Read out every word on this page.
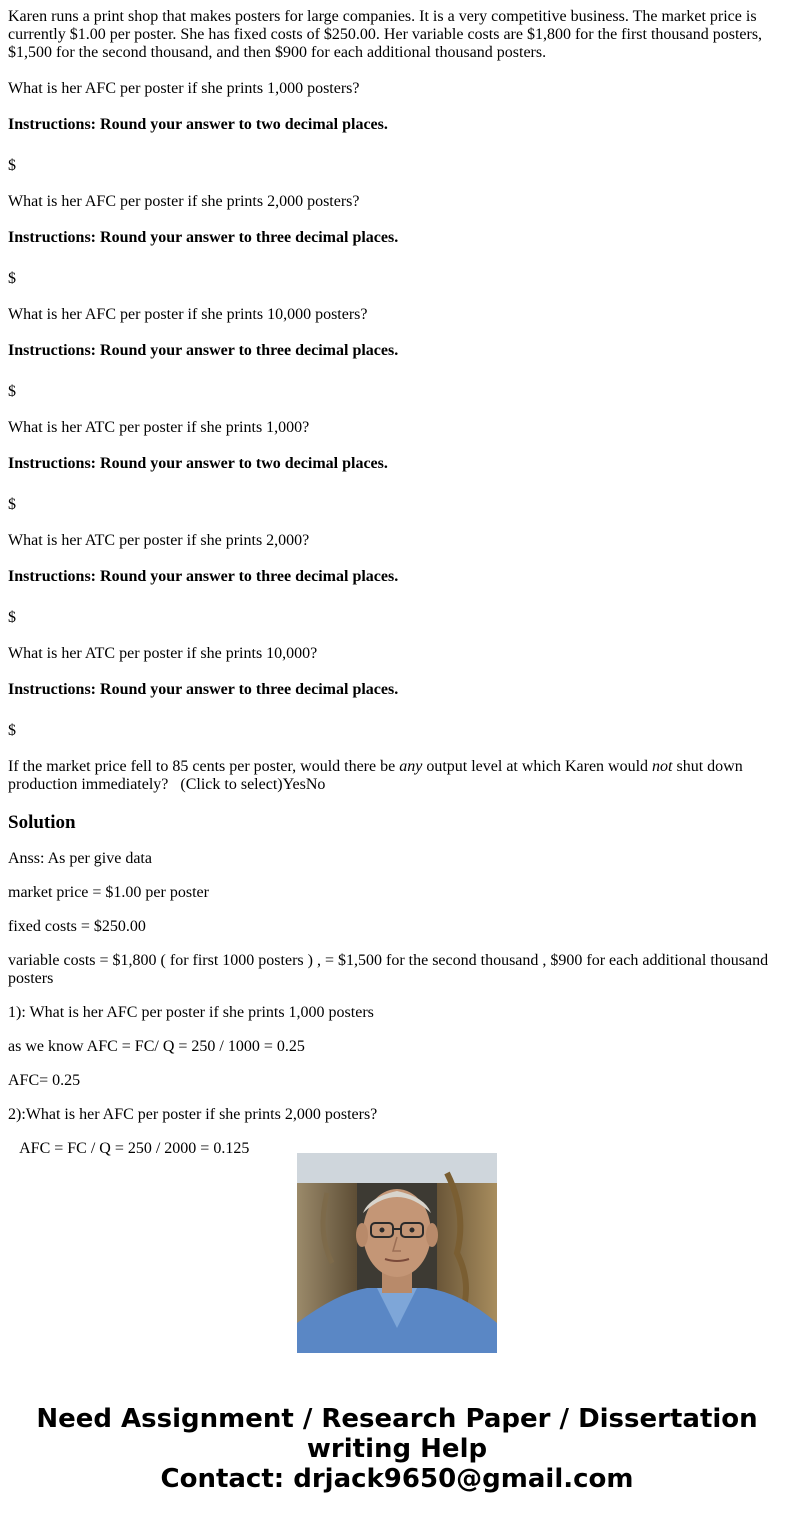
Karen runs a print shop that makes posters for large companies. It is a very competitive business. The market price is currently $1.00 per poster. She has fixed costs of $250.00. Her variable costs are $1,800 for the first thousand posters, $1,500 for the second thousand, and then $900 for each additional thousand posters.

What is her AFC per poster if she prints 1,000 posters?

Instructions: Round your answer to two decimal places.

$

What is her AFC per poster if she prints 2,000 posters?

Instructions: Round your answer to three decimal places.

$

What is her AFC per poster if she prints 10,000 posters?

Instructions: Round your answer to three decimal places.

$

What is her ATC per poster if she prints 1,000?

Instructions: Round your answer to two decimal places.

$

What is her ATC per poster if she prints 2,000?

Instructions: Round your answer to three decimal places.

$

What is her ATC per poster if she prints 10,000?

Instructions: Round your answer to three decimal places.

$

If the market price fell to 85 cents per poster, would there be any output level at which Karen would not shut down production immediately? (Click to select)YesNo

Solution

Anss: As per give data

market price = $1.00 per poster

fixed costs = $250.00

variable costs = $1,800 ( for first 1000 posters ) , = $1,500 for the second thousand , $900 for each additional thousand posters

1): What is her AFC per poster if she prints 1,000 posters

as we know AFC = FC/ Q = 250 / 1000 = 0.25

AFC= 0.25

2):What is her AFC per poster if she prints 2,000 posters?

AFC = FC / Q = 250 / 2000 = 0.125

Need Assignment / Research Paper / Dissertation
writing Help
Contact: drjack9650@gmail.com
